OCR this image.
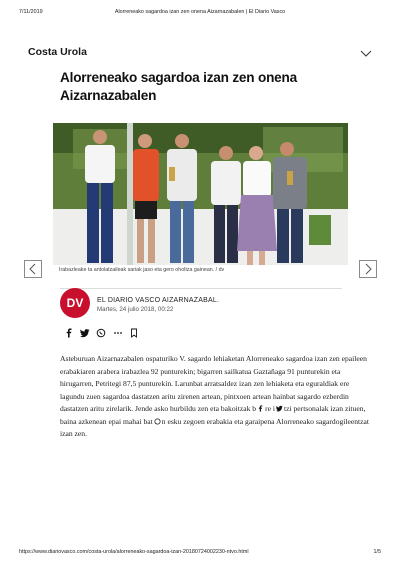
7/11/2019	Alorreneako sagardoa izan zen onena Aizarnazabalen | El Diario Vasco
Costa Urola
Alorreneako sagardoa izan zen onena Aizarnazabalen
Irabazleake ta antolatzaileak sariak jaso eta gero oholtza gainean. / dv
DV	EL DIARIO VASCO AIZARNAZABAL.
Martes, 24 julio 2018, 00:22

Asteburuan Aizarnazabalen ospaturiko V. sagardo lehiaketan Alorreneako sagardoa izan zen epaileen erabakiaren arabera irabazlea 92 punturekin; bigarren sailkatua Gaztañaga 91 punturekin eta hirugarren, Petritegi 87,5 punturekin. Larunbat arratsaldez izan zen lehiaketa eta eguraldiak ere lagundu zuen sagardoa dastatzen aritu zirenen artean, pintxoen artean hainbat sagardo ezberdin dastatzen aritu zirelarik. Jende asko hurbildu zen eta bakoitzak b re i tzi pertsonalak izan zituen, baina azkenean epai mahai bat n esku zegoen erabakia eta garaipena Alorreneako sagardogileentzat izan zen.

https://www.diariovasco.com/costa-urola/alorreneako-sagardoa-izan-20180724002230-ntvo.html	1/5
